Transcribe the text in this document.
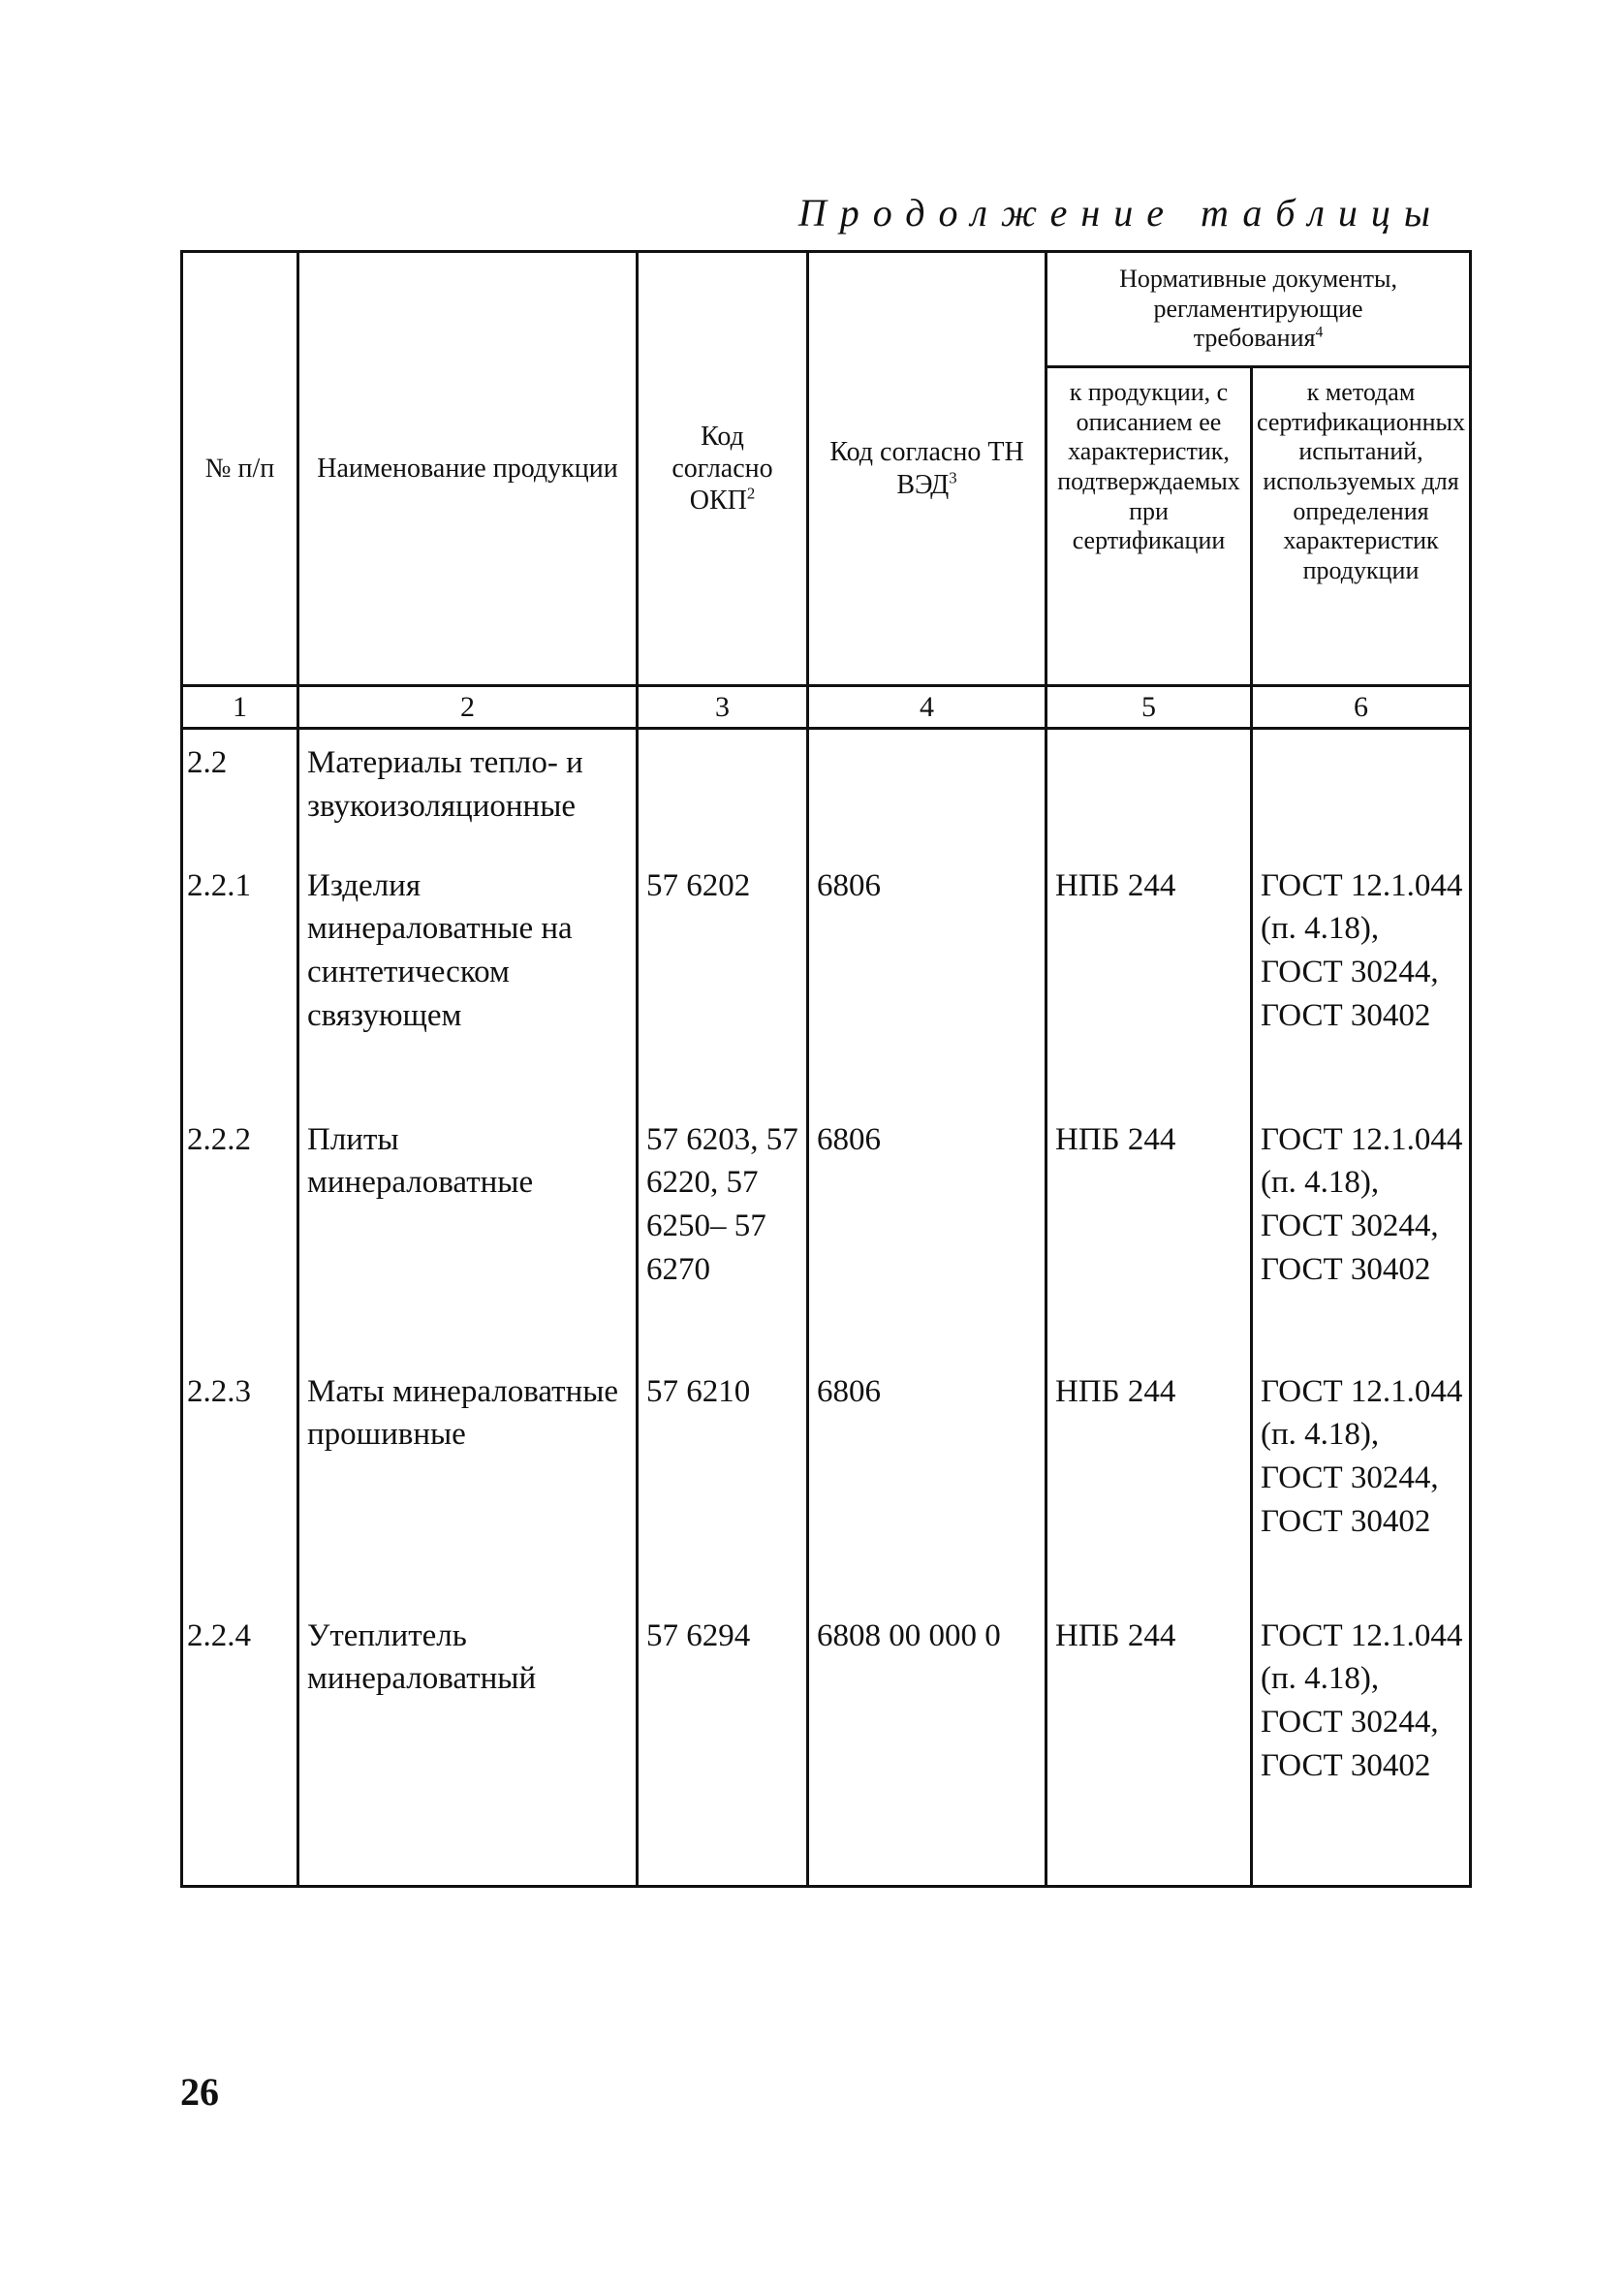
Продолжение таблицы
№ п/п	Наименование продукции	Код согласно ОКП$^2$	Код согласно ТН ВЭД$^3$	Нормативные документы, регламентирующие требования$^4$
				к продукции, с описанием ее характеристик, подтверждаемых при сертификации	к методам сертификационных испытаний, используемых для определения характеристик продукции
1	2	3	4	5	6
2.2	Материалы тепло- и звукоизоляционные				
2.2.1	Изделия минераловатные на синтетическом связующем	57 6202	6806	НПБ 244	ГОСТ 12.1.044 (п. 4.18), ГОСТ 30244, ГОСТ 30402
2.2.2	Плиты минераловатные	57 6203, 57 6220, 57 6250– 57 6270	6806	НПБ 244	ГОСТ 12.1.044 (п. 4.18), ГОСТ 30244, ГОСТ 30402
2.2.3	Маты минераловатные прошивные	57 6210	6806	НПБ 244	ГОСТ 12.1.044 (п. 4.18), ГОСТ 30244, ГОСТ 30402
2.2.4	Утеплитель минераловатный	57 6294	6808 00 000 0	НПБ 244	ГОСТ 12.1.044 (п. 4.18), ГОСТ 30244, ГОСТ 30402
26
